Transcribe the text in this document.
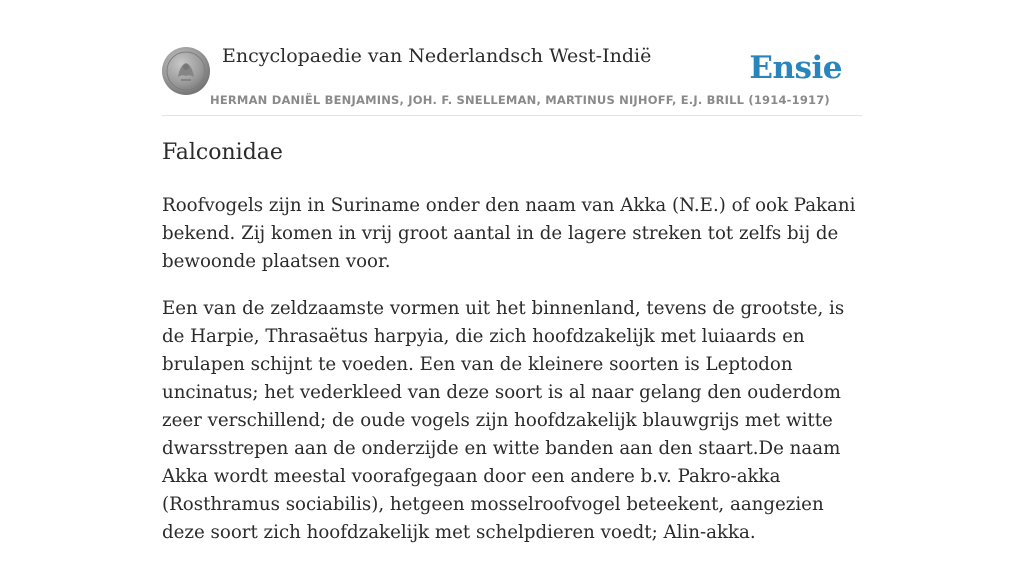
Encyclopaedie van Nederlandsch West-Indië	Ensie
HERMAN DANIËL BENJAMINS, JOH. F. SNELLEMAN, MARTINUS NIJHOFF, E.J. BRILL (1914-1917)
Falconidae

Roofvogels zijn in Suriname onder den naam van Akka (N.E.) of ook Pakani bekend. Zij komen in vrij groot aantal in de lagere streken tot zelfs bij de bewoonde plaatsen voor.

Een van de zeldzaamste vormen uit het binnenland, tevens de grootste, is de Harpie, Thrasaëtus harpyia, die zich hoofdzakelijk met luiaards en brulapen schijnt te voeden. Een van de kleinere soorten is Leptodon uncinatus; het vederkleed van deze soort is al naar gelang den ouderdom zeer verschillend; de oude vogels zijn hoofdzakelijk blauwgrijs met witte dwarsstrepen aan de onderzijde en witte banden aan den staart.De naam Akka wordt meestal voorafgegaan door een andere b.v. Pakro-akka (Rosthramus sociabilis), hetgeen mosselroofvogel beteekent, aangezien deze soort zich hoofdzakelijk met schelpdieren voedt; Alin-akka.
